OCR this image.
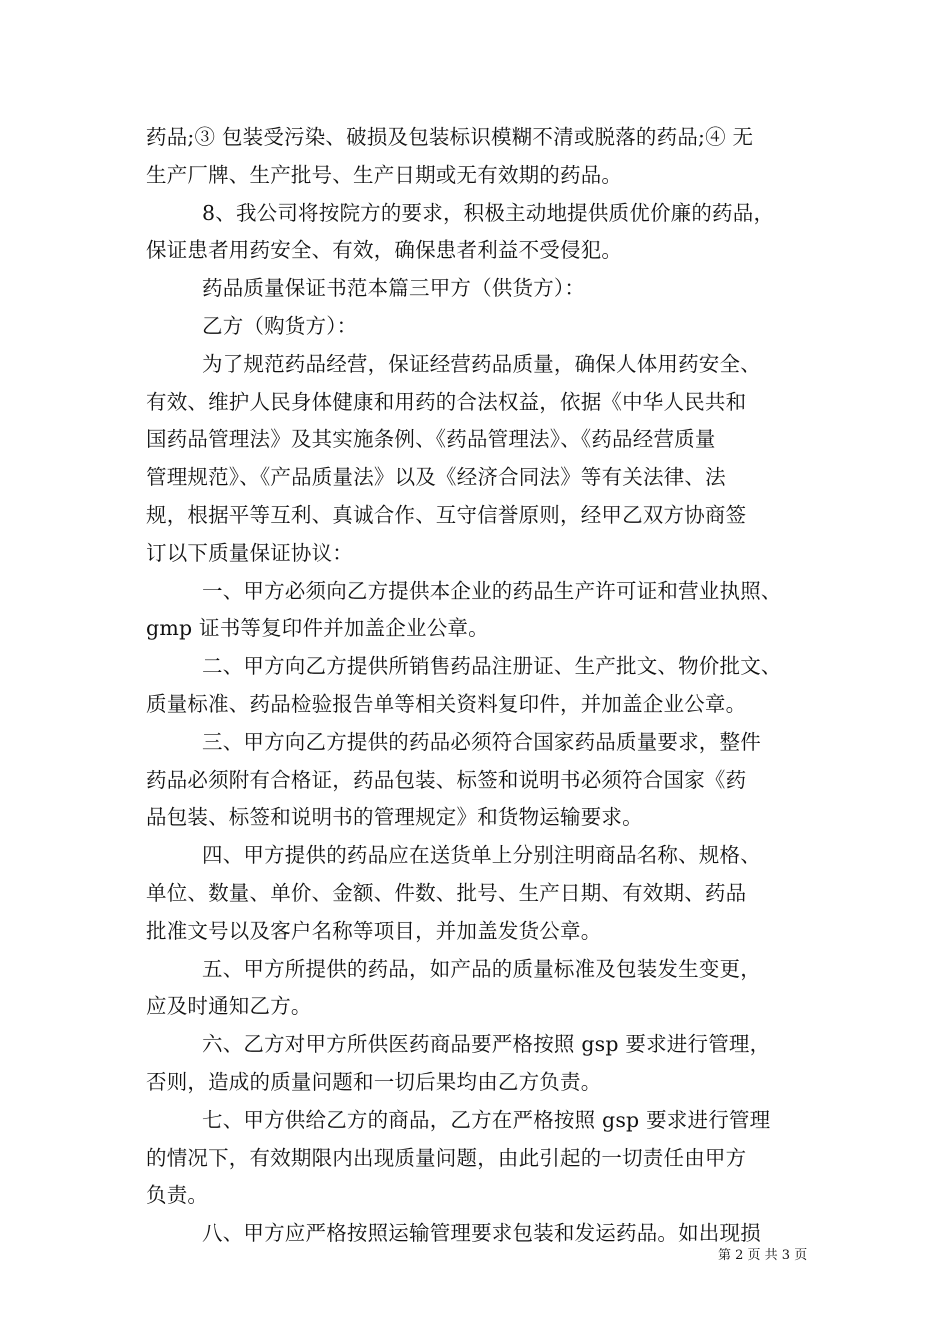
药品;③ 包装受污染、破损及包装标识模糊不清或脱落的药品;④ 无
生产厂牌、生产批号、生产日期或无有效期的药品。
8、我公司将按院方的要求，积极主动地提供质优价廉的药品，
保证患者用药安全、有效，确保患者利益不受侵犯。
药品质量保证书范本篇三甲方（供货方）：
乙方（购货方）：
为了规范药品经营，保证经营药品质量，确保人体用药安全、
有效、维护人民身体健康和用药的合法权益，依据《中华人民共和
国药品管理法》及其实施条例、《药品管理法》、《药品经营质量
管理规范》、《产品质量法》以及《经济合同法》等有关法律、法
规，根据平等互利、真诚合作、互守信誉原则，经甲乙双方协商签
订以下质量保证协议：
一、甲方必须向乙方提供本企业的药品生产许可证和营业执照、
gmp 证书等复印件并加盖企业公章。
二、甲方向乙方提供所销售药品注册证、生产批文、物价批文、
质量标准、药品检验报告单等相关资料复印件，并加盖企业公章。
三、甲方向乙方提供的药品必须符合国家药品质量要求，整件
药品必须附有合格证，药品包装、标签和说明书必须符合国家《药
品包装、标签和说明书的管理规定》和货物运输要求。
四、甲方提供的药品应在送货单上分别注明商品名称、规格、
单位、数量、单价、金额、件数、批号、生产日期、有效期、药品
批准文号以及客户名称等项目，并加盖发货公章。
五、甲方所提供的药品，如产品的质量标准及包装发生变更，
应及时通知乙方。
六、乙方对甲方所供医药商品要严格按照 gsp 要求进行管理，
否则，造成的质量问题和一切后果均由乙方负责。
七、甲方供给乙方的商品，乙方在严格按照 gsp 要求进行管理
的情况下，有效期限内出现质量问题，由此引起的一切责任由甲方
负责。
八、甲方应严格按照运输管理要求包装和发运药品。如出现损
第 2 页 共 3 页
